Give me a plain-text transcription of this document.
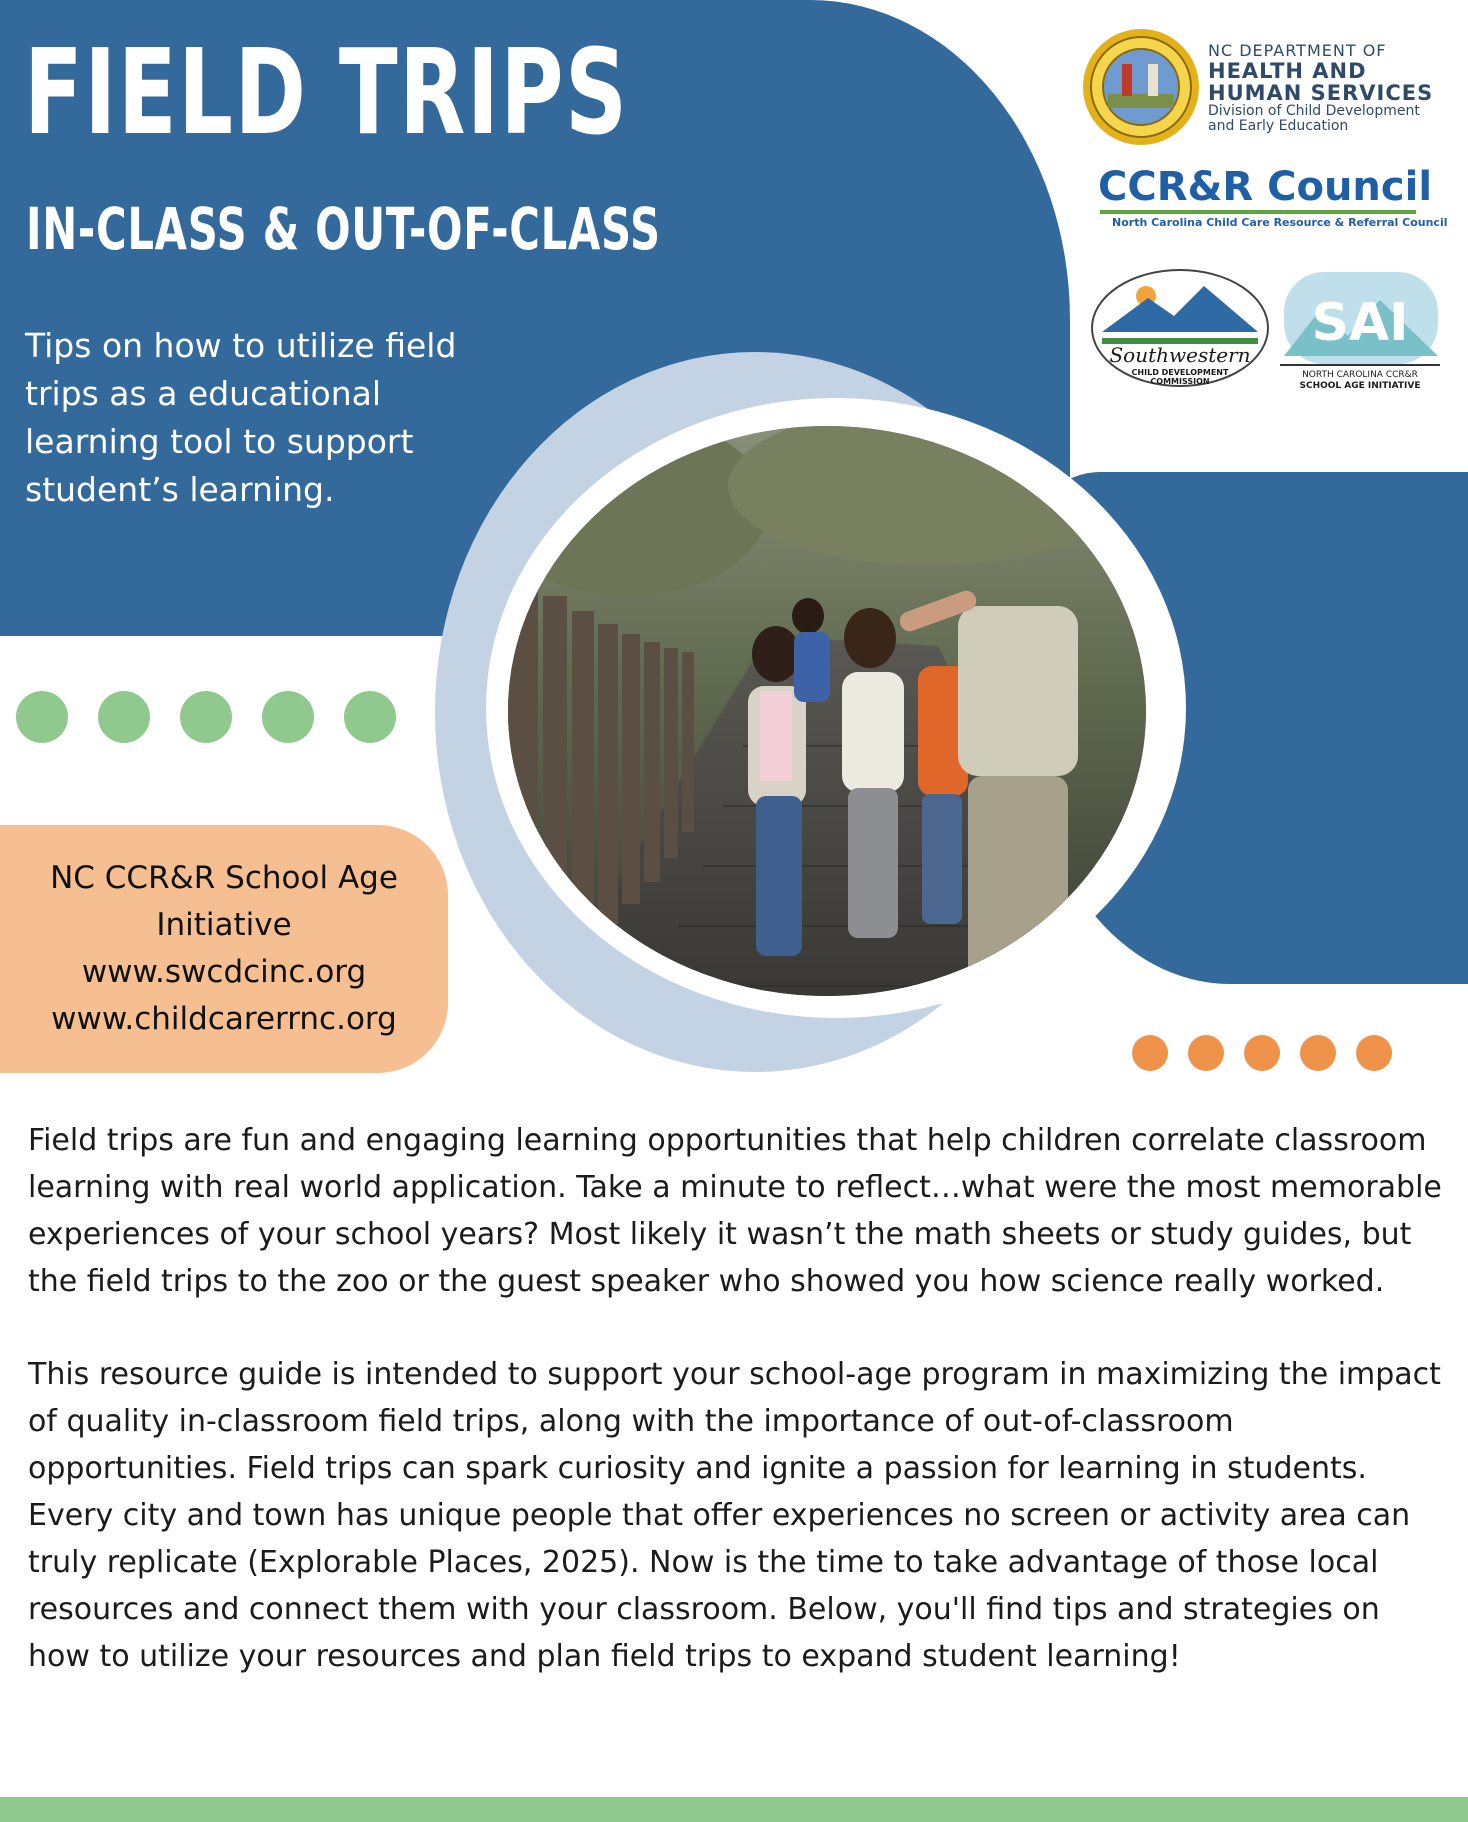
FIELD TRIPS
IN-CLASS & OUT-OF-CLASS

Tips on how to utilize field trips as a educational learning tool to support student’s learning.

NC DEPARTMENT OF
HEALTH AND
HUMAN SERVICES
Division of Child Development
and Early Education
CCR&R Council
North Carolina Child Care Resource & Referral Council
Southwestern
CHILD DEVELOPMENT
COMMISSION
SAI
NORTH CAROLINA CCR&R
SCHOOL AGE INITIATIVE
NC CCR&R School Age
Initiative
www.swcdcinc.org
www.childcarerrnc.org

Field trips are fun and engaging learning opportunities that help children correlate classroom learning with real world application. Take a minute to reflect…what were the most memorable experiences of your school years? Most likely it wasn’t the math sheets or study guides, but the field trips to the zoo or the guest speaker who showed you how science really worked.

This resource guide is intended to support your school-age program in maximizing the impact of quality in-classroom field trips, along with the importance of out-of-classroom opportunities. Field trips can spark curiosity and ignite a passion for learning in students. Every city and town has unique people that offer experiences no screen or activity area can truly replicate (Explorable Places, 2025). Now is the time to take advantage of those local resources and connect them with your classroom. Below, you'll find tips and strategies on how to utilize your resources and plan field trips to expand student learning!
